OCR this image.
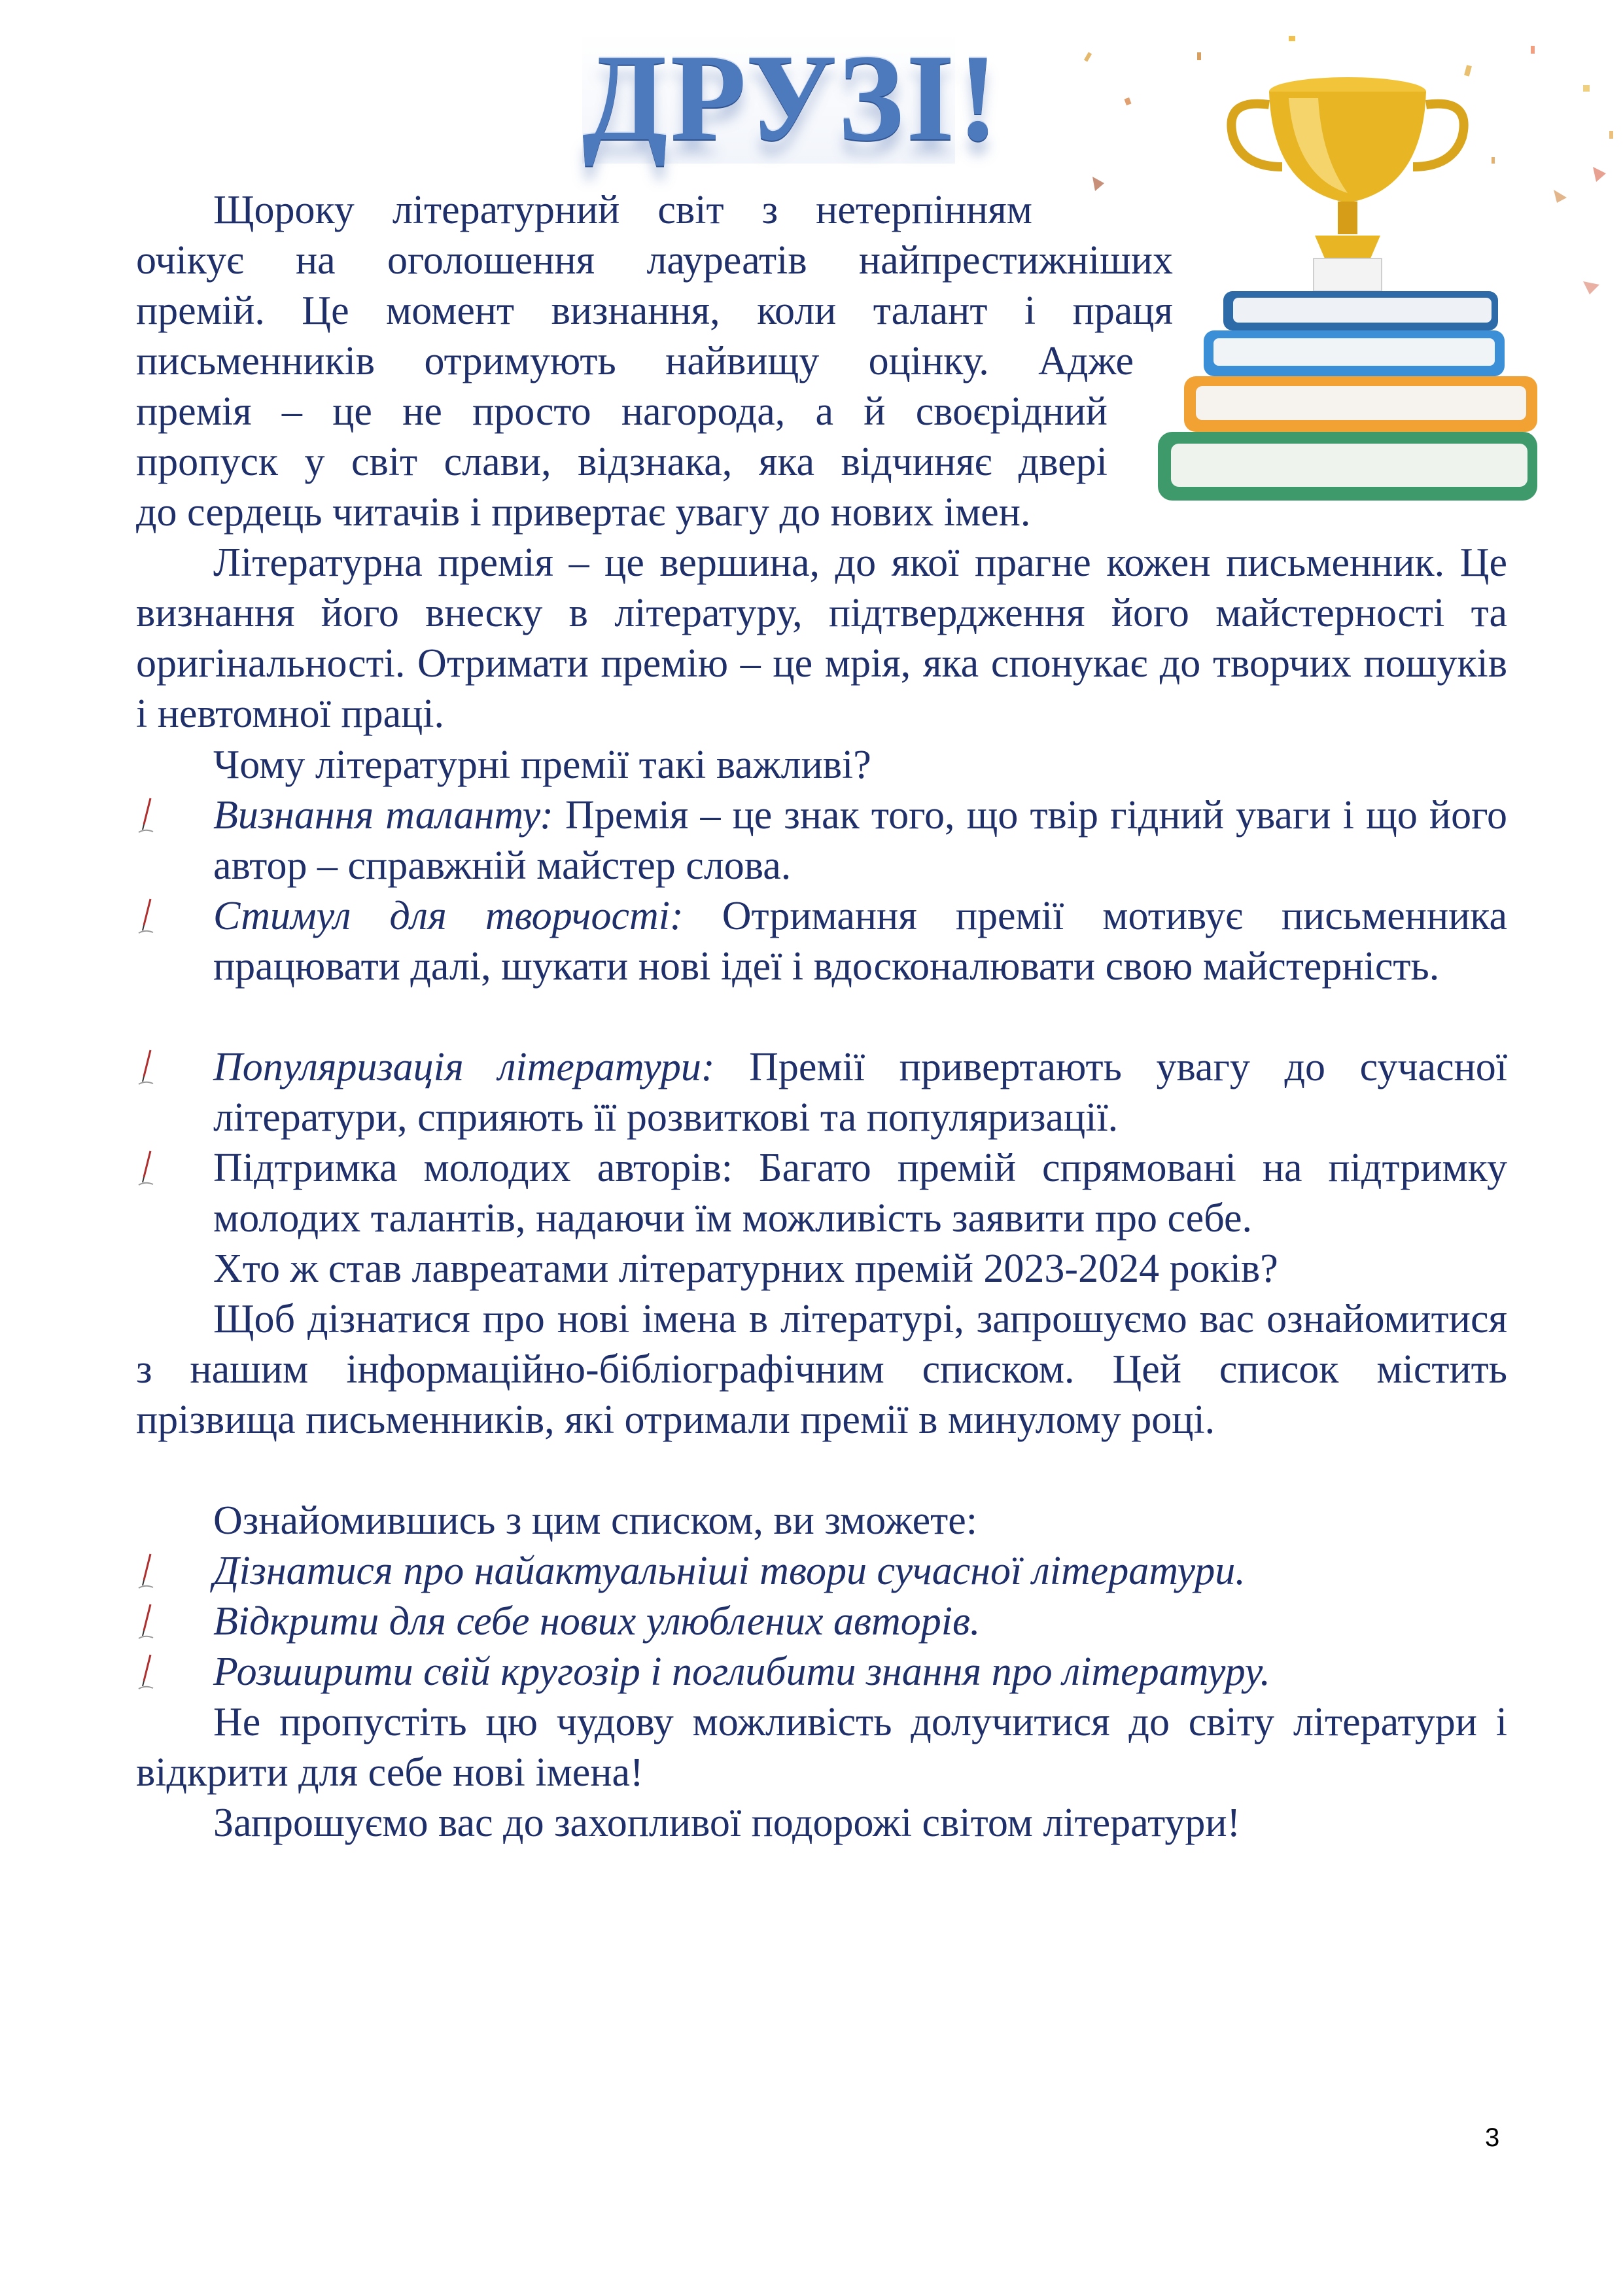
ДРУЗІ!
Щороку літературний світ з нетерпінням
очікує на оголошення лауреатів найпрестижніших
премій. Це момент визнання, коли талант і праця
письменників отримують найвищу оцінку. Адже
премія – це не просто нагорода, а й своєрідний
пропуск у світ слави, відзнака, яка відчиняє двері
до сердець читачів і привертає увагу до нових імен.
Літературна премія – це вершина, до якої прагне кожен письменник. Це визнання його внеску в літературу, підтвердження його майстерності та оригінальності. Отримати премію – це мрія, яка спонукає до творчих пошуків і невтомної праці.
Чому літературні премії такі важливі?
Визнання таланту: Премія – це знак того, що твір гідний уваги і що його автор – справжній майстер слова.
Стимул для творчості: Отримання премії мотивує письменника працювати далі, шукати нові ідеї і вдосконалювати свою майстерність.
Популяризація літератури: Премії привертають увагу до сучасної літератури, сприяють її розвиткові та популяризації.
Підтримка молодих авторів: Багато премій спрямовані на підтримку молодих талантів, надаючи їм можливість заявити про себе.
Хто ж став лавреатами літературних премій 2023-2024 років?
Щоб дізнатися про нові імена в літературі, запрошуємо вас ознайомитися з нашим інформаційно-бібліографічним списком. Цей список містить прізвища письменників, які отримали премії в минулому році.
Ознайомившись з цим списком, ви зможете:
Дізнатися про найактуальніші твори сучасної літератури.
Відкрити для себе нових улюблених авторів.
Розширити свій кругозір і поглибити знання про літературу.
Не пропустіть цю чудову можливість долучитися до світу літератури і відкрити для себе нові імена!
Запрошуємо вас до захопливої подорожі світом літератури!
3
